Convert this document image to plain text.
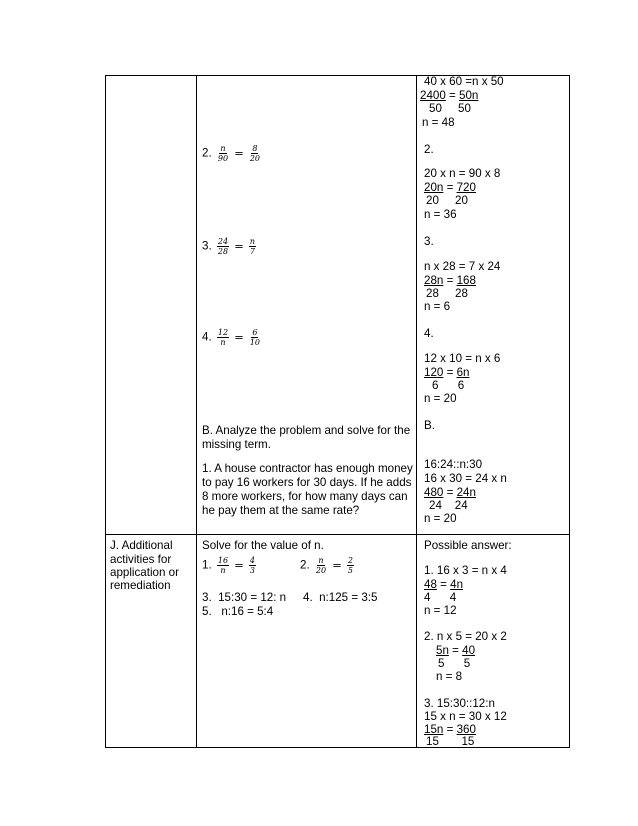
2. $\frac{n}{90} = \frac{8}{20}$
3. $\frac{24}{28} = \frac{n}{7}$
4. $\frac{12}{n} = \frac{6}{10}$
B. Analyze the problem and solve for the missing term.
1. A house contractor has enough money to pay 16 workers for 30 days. If he adds 8 more workers, for how many days can he pay them at the same rate?
40 x 60 =n x 50
2400 = 50n
50     50
n = 48
2.
20 x n = 90 x 8
20n = 720
20     20
n = 36
3.
n x 28 = 7 x 24
28n = 168
28     28
n = 6
4.
12 x 10 = n x 6
120 = 6n
6      6
n = 20
B.
16:24::n:30
16 x 30 = 24 x n
480 = 24n
24    24
n = 20
J. Additional
activities for
application or
remediation
Solve for the value of n.
1. $\frac{16}{n} = \frac{4}{3}$	2. $\frac{n}{20} = \frac{2}{5}$
3.  15:30 = 12: n 4.  n:125 = 3:5
5.   n:16 = 5:4
Possible answer:
1. 16 x 3 = n x 4
48 = 4n
4      4
n = 12
2. n x 5 = 20 x 2
5n = 40
5      5
n = 8
3. 15:30::12:n
15 x n = 30 x 12
15n = 360
15       15
